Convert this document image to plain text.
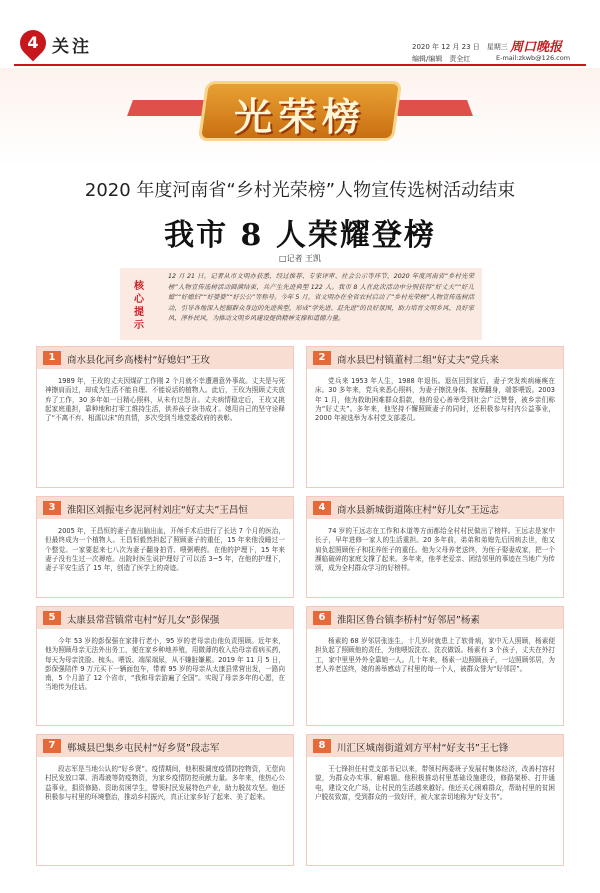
4 关注	2020 年 12 月 23 日　星期三
编辑/编辑　责全红
周口晚报
E-mail:zkwb@126.com
光荣榜
2020 年度河南省“乡村光荣榜”人物宣传选树活动结束
我市 8 人荣耀登榜
□记者 王凯
核心提示
12 月 21 日，记者从市文明办获悉，经过推荐、专家评审、社会公示等环节，2020 年度河南省“乡村光荣榜”人物宣传选树活动圆满结束，共产生先进典型 122 人。我市 8 人在此次活动中分别获得“好丈夫”“好儿媳”“好媳妇”“好婆婆”“好公公”等称号。今年 5 月，省文明办在全省农村启动了“乡村光荣榜”人物宣传选树活动，引导各地深入挖掘群众身边的先进典型，形成“学先进、赶先进”的良好氛围，助力培育文明乡风、良好家风、淳朴民风，为推动文明乡风建设提供精神支撑和道德力量。
1	商水县化河乡高楼村“好媳妇”王玫
1989 年，王玫的丈夫因煤矿工作刚 2 个月就不幸遭遇意外事故。丈夫是与死神擦肩而过，却成为生活不能自理、不能说话的植物人。此后，王玫为照顾丈夫放弃了工作，30 多年如一日精心照料，从未有过怨言。丈夫病情稳定后，王玫又挑起家庭重担，靠种地和打零工维持生活，供养孩子读书成才。她用自己的坚守诠释了“不离不弃、相濡以沫”的真情，多次受到当地党委政府的表彰。
2	商水县巴村镇董村二组“好丈夫”党兵来
党兵来 1953 年人生，1988 年退伍。退伍回到家后，妻子突发疾病瘫痪在床。30 多年来，党兵来悉心照料，为妻子擦洗身体、按摩翻身，端茶喂饭。2003 年 1 月，他为救助困难群众捐款，他的爱心善举受到社会广泛赞誉，被乡亲们称为“好丈夫”。多年来，他坚持不懈照顾妻子的同时，还积极参与村内公益事业，2000 年被选举为本村党支部委员。
3	淮阳区刘振屯乡泥河村刘庄“好丈夫”王昌恒
2005 年，王昌恒的妻子查出脑出血，开颅手术后进行了长达 7 个月的医治，但最终成为一个植物人。王昌恒毅然担起了照顾妻子的重任，15 年来他没睡过一个整觉。一家要起来七八次为妻子翻身拍背、喂粥喂药。在他的护理下，15 年来妻子没有生过一次褥疮。出院时医生说护理好了可以活 3~5 年，在他的护理下，妻子平安生活了 15 年，创造了医学上的奇迹。
4	商水县新城街道陈庄村“好儿女”王远志
74 岁的王远志在工作和本道等方面都给全村村民做出了榜样。王远志是家中长子，早年进修一家人的生活重担。20 多年前，弟弟和弟媳先后因病去世，他又肩负起照顾侄子和抚养侄子的重任。他为父母养老送终，为侄子娶妻成家，把一个濒临破碎的家庭支撑了起来。多年来，他孝老爱亲、团结邻里的事迹在当地广为传颂，成为全村群众学习的好榜样。
5	太康县常营镇常屯村“好儿女”彭保强
今年 53 岁的彭保强在家排行老小，95 岁的老母亲由他负责照顾。近年来，他为照顾母亲无法外出务工，便在家乡种地养殖，用微薄的收入给母亲看病买药，每天为母亲洗脸、梳头、喂饭、端屎端尿，从不嫌脏嫌累。2019 年 11 月 5 日，彭保强陪伴 9 万元买下一辆面包车，带着 95 岁的母亲从太康县常营出发，一路向南，5 个月游了 12 个省市，“我和母亲游遍了全国”。实现了母亲多年的心愿，在当地传为佳话。
6	淮阳区鲁台镇李桥村“好邻居”杨素
杨素的 68 岁邻居张连生，十几岁时就患上了软骨病，家中无人照顾，杨素便担负起了照顾他的责任，为他喂饭洗衣、洗衣做饭。杨素有 3 个孩子，丈夫在外打工，家中里里外外全靠她一人。几十年来，杨素一边照顾孩子，一边照顾邻居，为老人养老送终，她的善举感动了村里的每一个人，被群众誉为“好邻居”。
7	郸城县巴集乡屯民村“好乡贤”段志军
段志军是当地公认的“好乡贤”。疫情期间，他积极调度疫情防控物资，无偿向村民发放口罩、消毒液等防疫物资，为家乡疫情防控贡献力量。多年来，他热心公益事业，捐资修路、资助贫困学生，带领村民发展特色产业，助力脱贫攻坚。他还积极参与村里的环境整治，推动乡村振兴，真正让家乡好了起来、美了起来。
8	川汇区城南街道刘方平村“好支书”王七锋
王七锋担任村党支部书记以来，带领村两委班子发展村集体经济，改善村容村貌，为群众办实事、解难题。他积极推动村里基础设施建设，修路架桥、打井通电，建设文化广场，让村民的生活越来越好。他还关心困难群众，帮助村里的贫困户脱贫致富，受到群众的一致好评，被大家亲切地称为“好支书”。
